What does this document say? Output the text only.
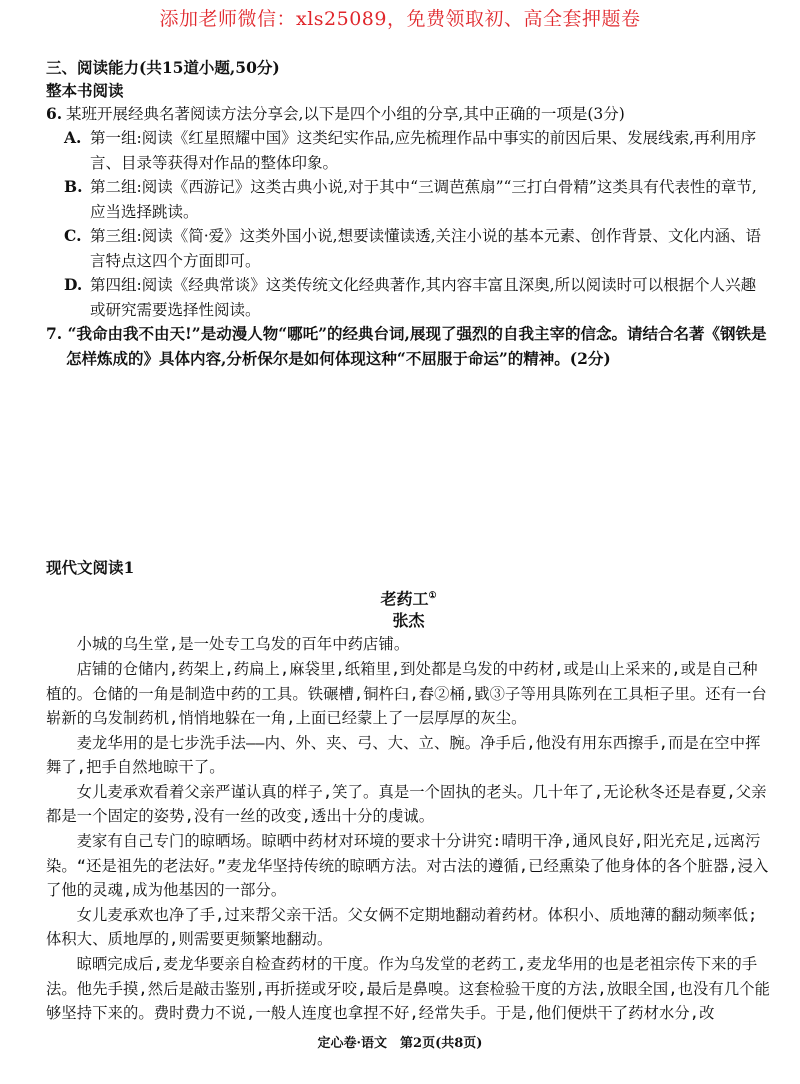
添加老师微信：xls25089，免费领取初、高全套押题卷

三、阅读能力(共15道小题,50分)

整本书阅读

6. 某班开展经典名著阅读方法分享会,以下是四个小组的分享,其中正确的一项是(3分)

A. 第一组:阅读《红星照耀中国》这类纪实作品,应先梳理作品中事实的前因后果、发展线索,再利用序言、目录等获得对作品的整体印象。

B. 第二组:阅读《西游记》这类古典小说,对于其中“三调芭蕉扇”“三打白骨精”这类具有代表性的章节,应当选择跳读。

C. 第三组:阅读《简·爱》这类外国小说,想要读懂读透,关注小说的基本元素、创作背景、文化内涵、语言特点这四个方面即可。

D. 第四组:阅读《经典常谈》这类传统文化经典著作,其内容丰富且深奥,所以阅读时可以根据个人兴趣或研究需要选择性阅读。

7. “我命由我不由天!”是动漫人物“哪吒”的经典台词,展现了强烈的自我主宰的信念。请结合名著《钢铁是怎样炼成的》具体内容,分析保尔是如何体现这种“不屈服于命运”的精神。(2分)

现代文阅读1

老药工①

张杰

小城的乌生堂,是一处专工乌发的百年中药店铺。

店铺的仓储内,药架上,药扁上,麻袋里,纸箱里,到处都是乌发的中药材,或是山上采来的,或是自己种植的。仓储的一角是制造中药的工具。铁碾槽,铜杵臼,舂②桶,戥③子等用具陈列在工具柜子里。还有一台崭新的乌发制药机,悄悄地躲在一角,上面已经蒙上了一层厚厚的灰尘。

麦龙华用的是七步洗手法——内、外、夹、弓、大、立、腕。净手后,他没有用东西擦手,而是在空中挥舞了,把手自然地晾干了。

女儿麦承欢看着父亲严谨认真的样子,笑了。真是一个固执的老头。几十年了,无论秋冬还是春夏,父亲都是一个固定的姿势,没有一丝的改变,透出十分的虔诚。

麦家有自己专门的晾晒场。晾晒中药材对环境的要求十分讲究:晴明干净,通风良好,阳光充足,远离污染。“还是祖先的老法好。”麦龙华坚持传统的晾晒方法。对古法的遵循,已经熏染了他身体的各个脏器,浸入了他的灵魂,成为他基因的一部分。

女儿麦承欢也净了手,过来帮父亲干活。父女俩不定期地翻动着药材。体积小、质地薄的翻动频率低;体积大、质地厚的,则需要更频繁地翻动。

晾晒完成后,麦龙华要亲自检查药材的干度。作为乌发堂的老药工,麦龙华用的也是老祖宗传下来的手法。他先手摸,然后是敲击鉴别,再折搓或牙咬,最后是鼻嗅。这套检验干度的方法,放眼全国,也没有几个能够坚持下来的。费时费力不说,一般人连度也拿捏不好,经常失手。于是,他们便烘干了药材水分,改

定心卷·语文　第2页(共8页)
